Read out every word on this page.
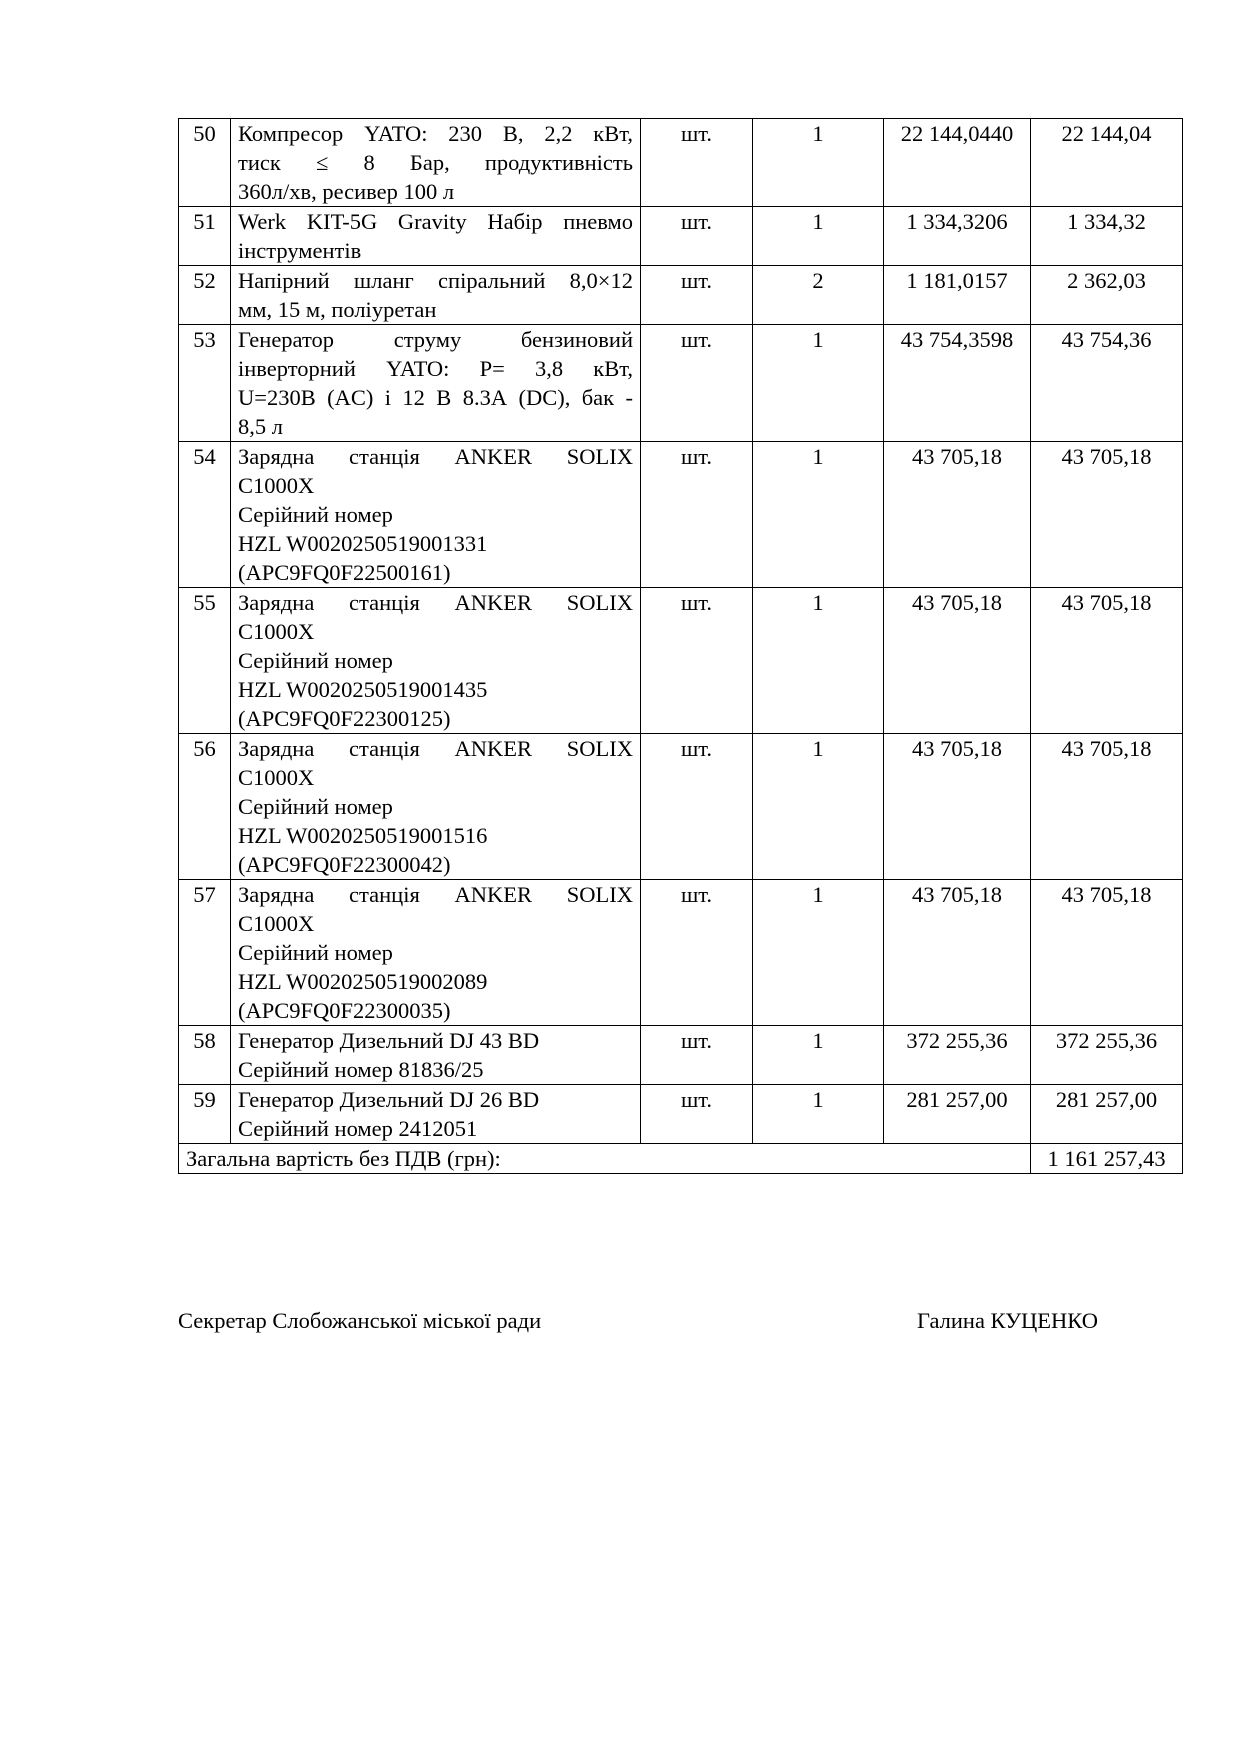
50	Компресор YATO: 230 В, 2,2 кВт,
тиск ≤ 8 Бар, продуктивність
360л/хв, ресивер 100 л	шт.	1	22 144,0440	22 144,04
51	Werk KIT-5G Gravity Набір пневмо
інструментів	шт.	1	1 334,3206	1 334,32
52	Напірний шланг спіральний 8,0×12
мм, 15 м, поліуретан	шт.	2	1 181,0157	2 362,03
53	Генератор струму бензиновий
інверторний YATO: P= 3,8 кВт,
U=230В (AC) і 12 В 8.3А (DC), бак -
8,5 л	шт.	1	43 754,3598	43 754,36
54	Зарядна станція ANKER SOLIX
C1000X
Серійний номер
HZL W0020250519001331
(APC9FQ0F22500161)	шт.	1	43 705,18	43 705,18
55	Зарядна станція ANKER SOLIX
C1000X
Серійний номер
HZL W0020250519001435
(APC9FQ0F22300125)	шт.	1	43 705,18	43 705,18
56	Зарядна станція ANKER SOLIX
C1000X
Серійний номер
HZL W0020250519001516
(APC9FQ0F22300042)	шт.	1	43 705,18	43 705,18
57	Зарядна станція ANKER SOLIX
C1000X
Серійний номер
HZL W0020250519002089
(APC9FQ0F22300035)	шт.	1	43 705,18	43 705,18
58	Генератор Дизельний DJ 43 BD
Серійний номер 81836/25	шт.	1	372 255,36	372 255,36
59	Генератор Дизельний DJ 26 BD
Серійний номер 2412051	шт.	1	281 257,00	281 257,00
Загальна вартість без ПДВ (грн):					1 161 257,43
Секретар Слобожанської міської ради	Галина КУЦЕНКО
